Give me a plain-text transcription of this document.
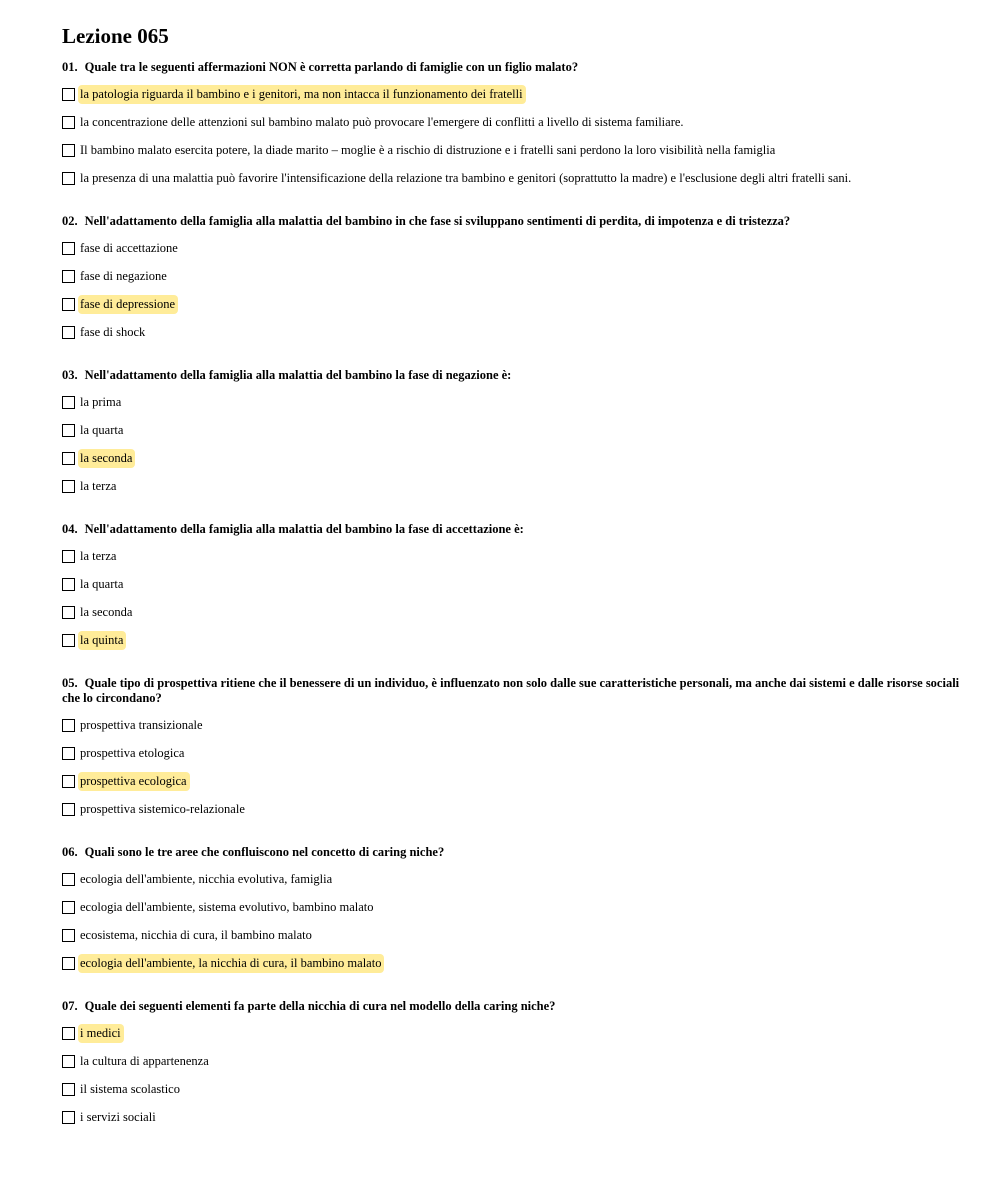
Lezione 065
01. Quale tra le seguenti affermazioni NON è corretta parlando di famiglie con un figlio malato?
la patologia riguarda il bambino e i genitori, ma non intacca il funzionamento dei fratelli
la concentrazione delle attenzioni sul bambino malato può provocare l'emergere di conflitti a livello di sistema familiare.
Il bambino malato esercita potere, la diade marito – moglie è a rischio di distruzione e i fratelli sani perdono la loro visibilità nella famiglia
la presenza di una malattia può favorire l'intensificazione della relazione tra bambino e genitori (soprattutto la madre) e l'esclusione degli altri fratelli sani.
02. Nell'adattamento della famiglia alla malattia del bambino in che fase si sviluppano sentimenti di perdita, di impotenza e di tristezza?
fase di accettazione
fase di negazione
fase di depressione
fase di shock
03. Nell'adattamento della famiglia alla malattia del bambino la fase di negazione è:
la prima
la quarta
la seconda
la terza
04. Nell'adattamento della famiglia alla malattia del bambino la fase di accettazione è:
la terza
la quarta
la seconda
la quinta
05. Quale tipo di prospettiva ritiene che il benessere di un individuo, è influenzato non solo dalle sue caratteristiche personali, ma anche dai sistemi e dalle risorse sociali che lo circondano?
prospettiva transizionale
prospettiva etologica
prospettiva ecologica
prospettiva sistemico-relazionale
06. Quali sono le tre aree che confluiscono nel concetto di caring niche?
ecologia dell'ambiente, nicchia evolutiva, famiglia
ecologia dell'ambiente, sistema evolutivo, bambino malato
ecosistema, nicchia di cura, il bambino malato
ecologia dell'ambiente, la nicchia di cura, il bambino malato
07. Quale dei seguenti elementi fa parte della nicchia di cura nel modello della caring niche?
i medici
la cultura di appartenenza
il sistema scolastico
i servizi sociali
